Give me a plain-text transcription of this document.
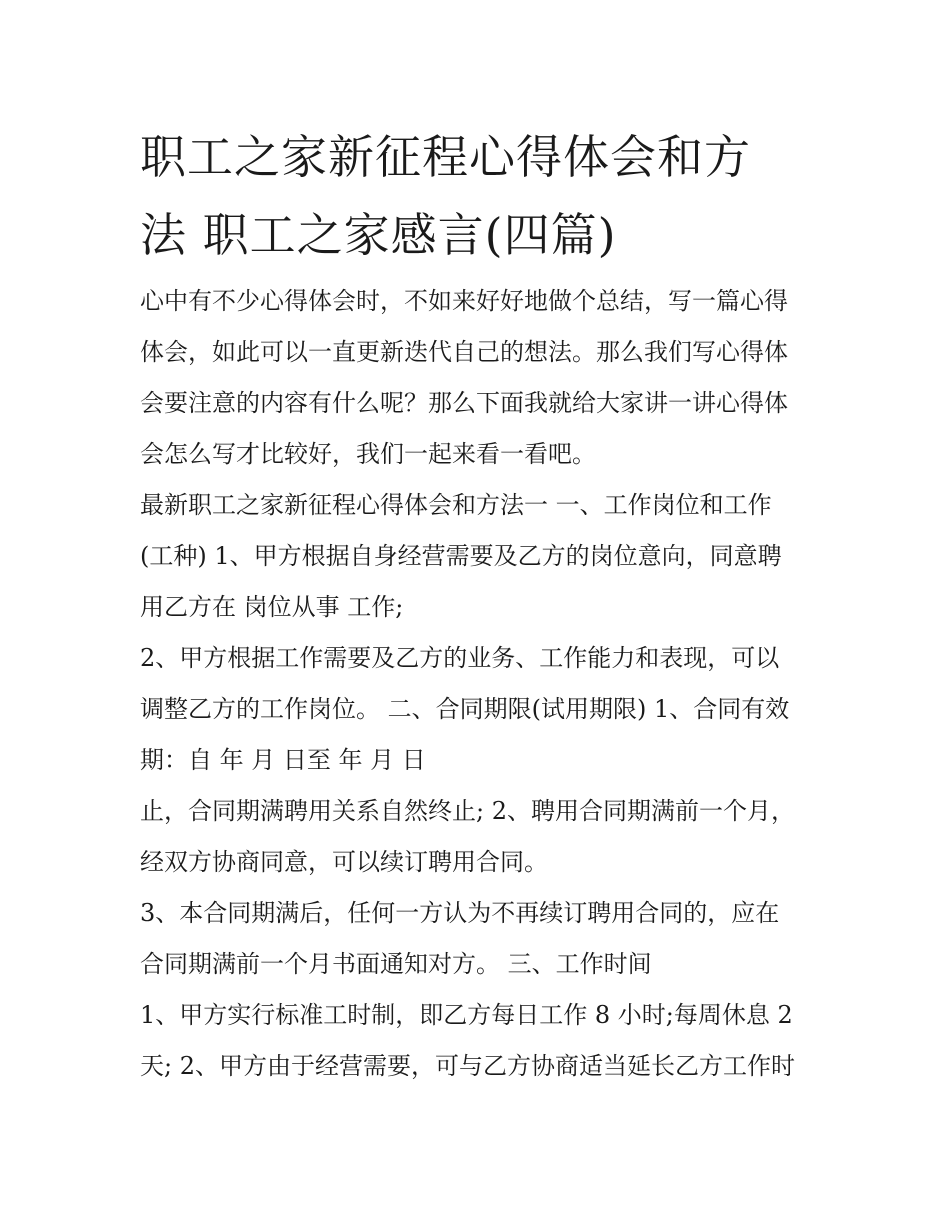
职工之家新征程心得体会和方
法 职工之家感言(四篇)

心中有不少心得体会时，不如来好好地做个总结，写一篇心得
体会，如此可以一直更新迭代自己的想法。那么我们写心得体
会要注意的内容有什么呢？那么下面我就给大家讲一讲心得体
会怎么写才比较好，我们一起来看一看吧。

最新职工之家新征程心得体会和方法一 一、工作岗位和工作
(工种) 1、甲方根据自身经营需要及乙方的岗位意向，同意聘
用乙方在 岗位从事 工作;

2、甲方根据工作需要及乙方的业务、工作能力和表现，可以
调整乙方的工作岗位。 二、合同期限(试用期限) 1、合同有效
期：自 年 月 日至 年 月 日

止，合同期满聘用关系自然终止; 2、聘用合同期满前一个月，
经双方协商同意，可以续订聘用合同。

3、本合同期满后，任何一方认为不再续订聘用合同的，应在
合同期满前一个月书面通知对方。 三、工作时间

1、甲方实行标准工时制，即乙方每日工作 8 小时;每周休息 2
天; 2、甲方由于经营需要，可与乙方协商适当延长乙方工作时
